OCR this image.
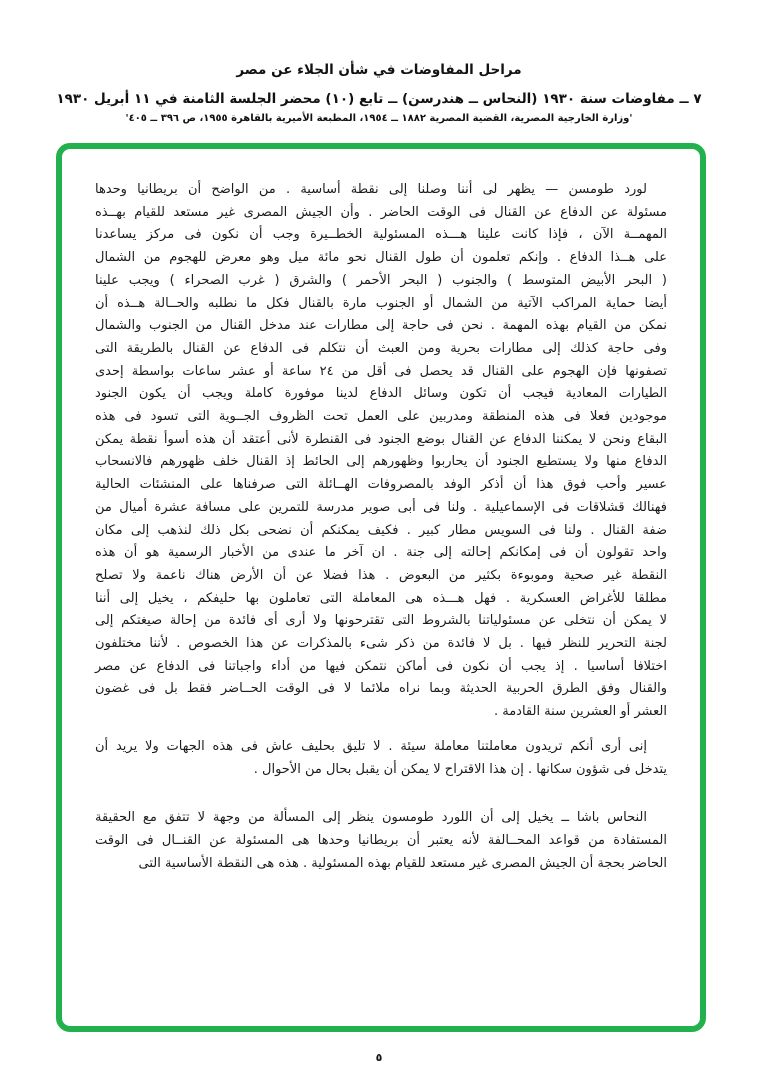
مراحل المفاوضات في شأن الجلاء عن مصر
٧ ــ مفاوضات سنة ١٩٣٠ (النحاس ــ هندرسن) ــ تابع (١٠) محضر الجلسة الثامنة في ١١ أبريل ١٩٣٠
'وزارة الخارجية المصرية، القضية المصرية ١٨٨٢ ــ ١٩٥٤، المطبعة الأميرية بالقاهرة ١٩٥٥، ص ٣٩٦ ــ ٤٠٥'
لورد طومسن — يظهر لى أننا وصلنا إلى نقطة أساسية . من الواضح أن بريطانيا وحدها
مسئولة عن الدفاع عن القنال فى الوقت الحاضر . وأن الجيش المصرى غير مستعد للقيام بهــذه
المهمــة الآن ، فإذا كانت علينا هـــذه المسئولية الخطــيرة وجب أن نكون فى مركز يساعدنا
على هــذا الدفاع . وإنكم تعلمون أن طول القنال نحو مائة ميل وهو معرض للهجوم من الشمال
( البحر الأبيض المتوسط ) والجنوب ( البحر الأحمر ) والشرق ( غرب الصحراء ) ويجب علينا
أيضا حماية المراكب الآتية من الشمال أو الجنوب مارة بالقنال فكل ما نطلبه والحــالة هــذه أن
نمكن من القيام بهذه المهمة . نحن فى حاجة إلى مطارات عند مدخل القنال من الجنوب والشمال
وفى حاجة كذلك إلى مطارات بحرية ومن العبث أن نتكلم فى الدفاع عن القنال بالطريقة التى
تصفونها فإن الهجوم على القنال قد يحصل فى أقل من ٢٤ ساعة أو عشر ساعات بواسطة إحدى
الطيارات المعادية فيجب أن تكون وسائل الدفاع لدينا موفورة كاملة ويجب أن يكون الجنود
موجودين فعلا فى هذه المنطقة ومدربين على العمل تحت الظروف الجــوية التى تسود فى هذه
البقاع ونحن لا يمكننا الدفاع عن القنال بوضع الجنود فى القنطرة لأنى أعتقد أن هذه أسوأ نقطة يمكن
الدفاع منها ولا يستطيع الجنود أن يحاربوا وظهورهم إلى الحائط إذ القنال خلف ظهورهم فالانسحاب
عسير وأحب فوق هذا أن أذكر الوفد بالمصروفات الهــائلة التى صرفناها على المنشئات الحالية
فهنالك قشلاقات فى الإسماعيلية . ولنا فى أبى صوير مدرسة للتمرين على مسافة عشرة أميال من
ضفة القنال . ولنا فى السويس مطار كبير . فكيف يمكنكم أن نضحى بكل ذلك لنذهب إلى مكان
واحد تقولون أن فى إمكانكم إحالته إلى جنة . ان آخر ما عندى من الأخبار الرسمية هو أن هذه
النقطة غير صحية وموبوءة بكثير من البعوض . هذا فضلا عن أن الأرض هناك ناعمة ولا تصلح
مطلقا للأغراض العسكرية . فهل هـــذه هى المعاملة التى تعاملون بها حليفكم ، يخيل إلى أننا
لا يمكن أن نتخلى عن مسئولياتنا بالشروط التى تقترحونها ولا أرى أى فائدة من إحالة صيغتكم إلى
لجنة التحرير للنظر فيها . بل لا فائدة من ذكر شىء بالمذكرات عن هذا الخصوص . لأننا مختلفون
اختلافا أساسيا . إذ يجب أن نكون فى أماكن نتمكن فيها من أداء واجباتنا فى الدفاع عن مصر
والقنال وفق الطرق الحربية الحديثة وبما نراه ملائما لا فى الوقت الحــاضر فقط بل فى غضون
العشر أو العشرين سنة القادمة .
إنى أرى أنكم تريدون معاملتنا معاملة سيئة . لا تليق بحليف عاش فى هذه الجهات ولا يريد أن
يتدخل فى شؤون سكانها . إن هذا الاقتراح لا يمكن أن يقبل بحال من الأحوال .
النحاس باشا ــ يخيل إلى أن اللورد طومسون ينظر إلى المسألة من وجهة لا تتفق مع الحقيقة
المستفادة من قواعد المحــالفة لأنه يعتبر أن بريطانيا وحدها هى المسئولة عن القنــال فى الوقت
الحاضر بحجة أن الجيش المصرى غير مستعد للقيام بهذه المسئولية . هذه هى النقطة الأساسية التى
٥
